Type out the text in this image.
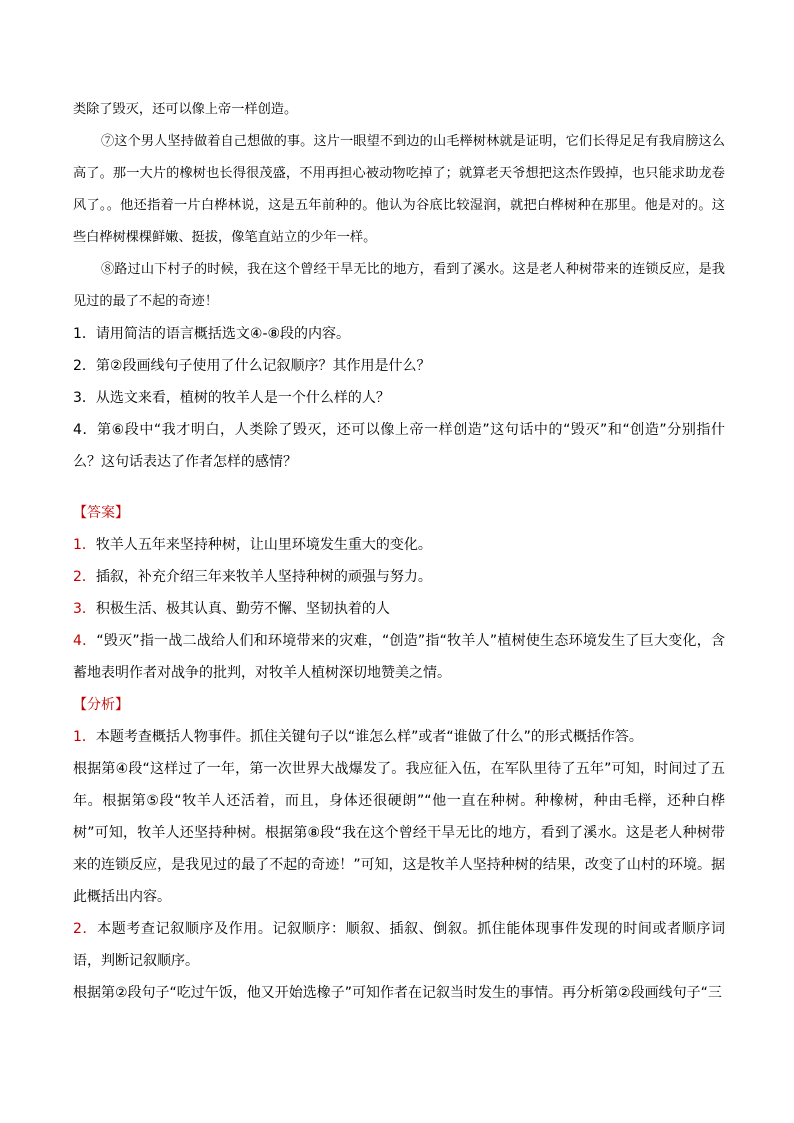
类除了毁灭，还可以像上帝一样创造。

⑦这个男人坚持做着自己想做的事。这片一眼望不到边的山毛榉树林就是证明，它们长得足足有我肩膀这么高了。那一大片的橡树也长得很茂盛，不用再担心被动物吃掉了；就算老天爷想把这杰作毁掉，也只能求助龙卷风了。。他还指着一片白桦林说，这是五年前种的。他认为谷底比较湿润，就把白桦树种在那里。他是对的。这些白桦树棵棵鲜嫩、挺拔，像笔直站立的少年一样。

⑧路过山下村子的时候，我在这个曾经干旱无比的地方，看到了溪水。这是老人种树带来的连锁反应，是我见过的最了不起的奇迹！

1．请用简洁的语言概括选文④-⑧段的内容。

2．第②段画线句子使用了什么记叙顺序？其作用是什么？

3．从选文来看，植树的牧羊人是一个什么样的人？

4．第⑥段中“我才明白，人类除了毁灭，还可以像上帝一样创造”这句话中的“毁灭”和“创造”分别指什么？这句话表达了作者怎样的感情？

【答案】

1．牧羊人五年来坚持种树，让山里环境发生重大的变化。

2．插叙，补充介绍三年来牧羊人坚持种树的顽强与努力。

3．积极生活、极其认真、勤劳不懈、坚韧执着的人

4．“毁灭”指一战二战给人们和环境带来的灾难，“创造”指“牧羊人”植树使生态环境发生了巨大变化，含蓄地表明作者对战争的批判，对牧羊人植树深切地赞美之情。

【分析】

1．本题考查概括人物事件。抓住关键句子以“谁怎么样”或者“谁做了什么”的形式概括作答。

根据第④段“这样过了一年，第一次世界大战爆发了。我应征入伍，在军队里待了五年”可知，时间过了五年。根据第⑤段“牧羊人还活着，而且，身体还很硬朗”“他一直在种树。种橡树，种由毛榉，还种白桦树”可知，牧羊人还坚持种树。根据第⑧段“我在这个曾经干旱无比的地方，看到了溪水。这是老人种树带来的连锁反应，是我见过的最了不起的奇迹！”可知，这是牧羊人坚持种树的结果，改变了山村的环境。据此概括出内容。

2．本题考查记叙顺序及作用。记叙顺序：顺叙、插叙、倒叙。抓住能体现事件发现的时间或者顺序词语，判断记叙顺序。

根据第②段句子“吃过午饭，他又开始选橡子”可知作者在记叙当时发生的事情。再分析第②段画线句子“三
